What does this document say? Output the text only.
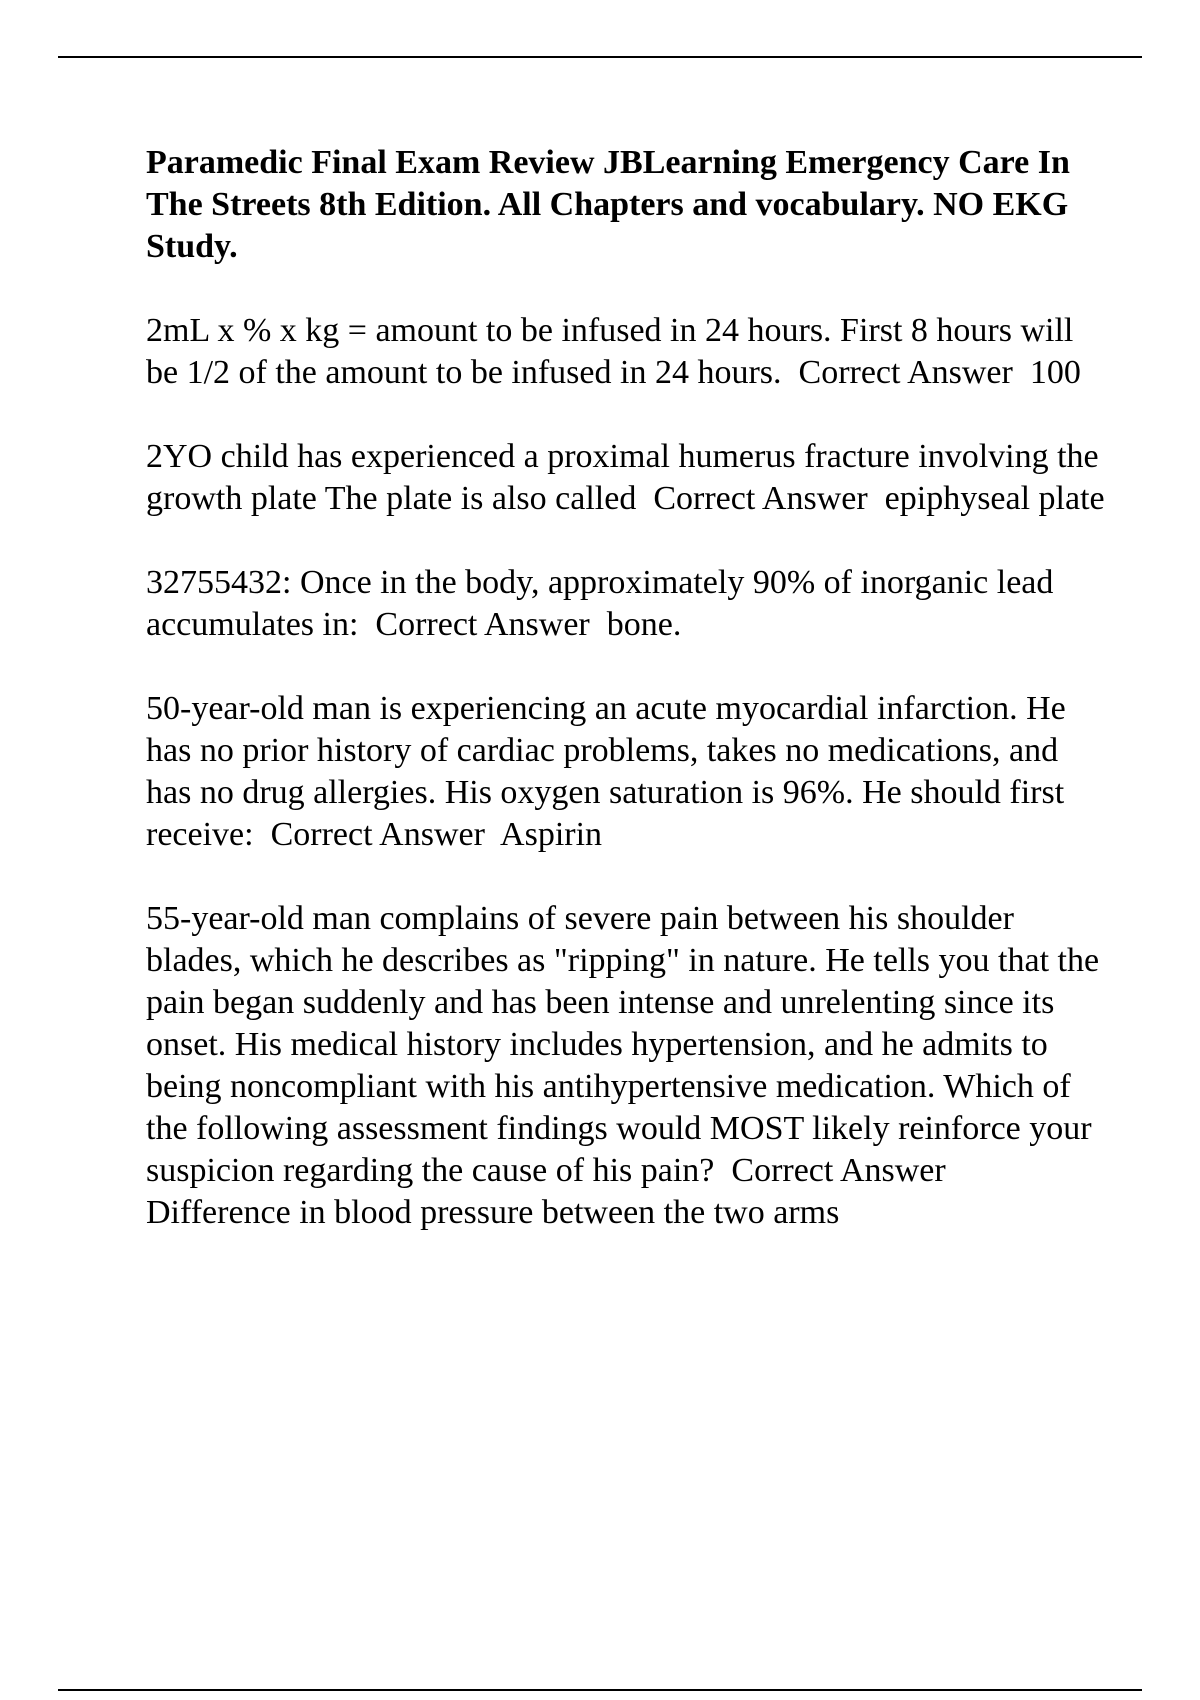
Paramedic Final Exam Review JBLearning Emergency Care In The Streets 8th Edition. All Chapters and vocabulary. NO EKG Study.
2mL x % x kg = amount to be infused in 24 hours. First 8 hours will be 1/2 of the amount to be infused in 24 hours. Correct Answer 100
2YO child has experienced a proximal humerus fracture involving the growth plate The plate is also called Correct Answer epiphyseal plate
32755432: Once in the body, approximately 90% of inorganic lead accumulates in: Correct Answer bone.
50-year-old man is experiencing an acute myocardial infarction. He has no prior history of cardiac problems, takes no medications, and has no drug allergies. His oxygen saturation is 96%. He should first receive: Correct Answer Aspirin
55-year-old man complains of severe pain between his shoulder blades, which he describes as "ripping" in nature. He tells you that the pain began suddenly and has been intense and unrelenting since its onset. His medical history includes hypertension, and he admits to being noncompliant with his antihypertensive medication. Which of the following assessment findings would MOST likely reinforce your suspicion regarding the cause of his pain? Correct Answer  Difference in blood pressure between the two arms
